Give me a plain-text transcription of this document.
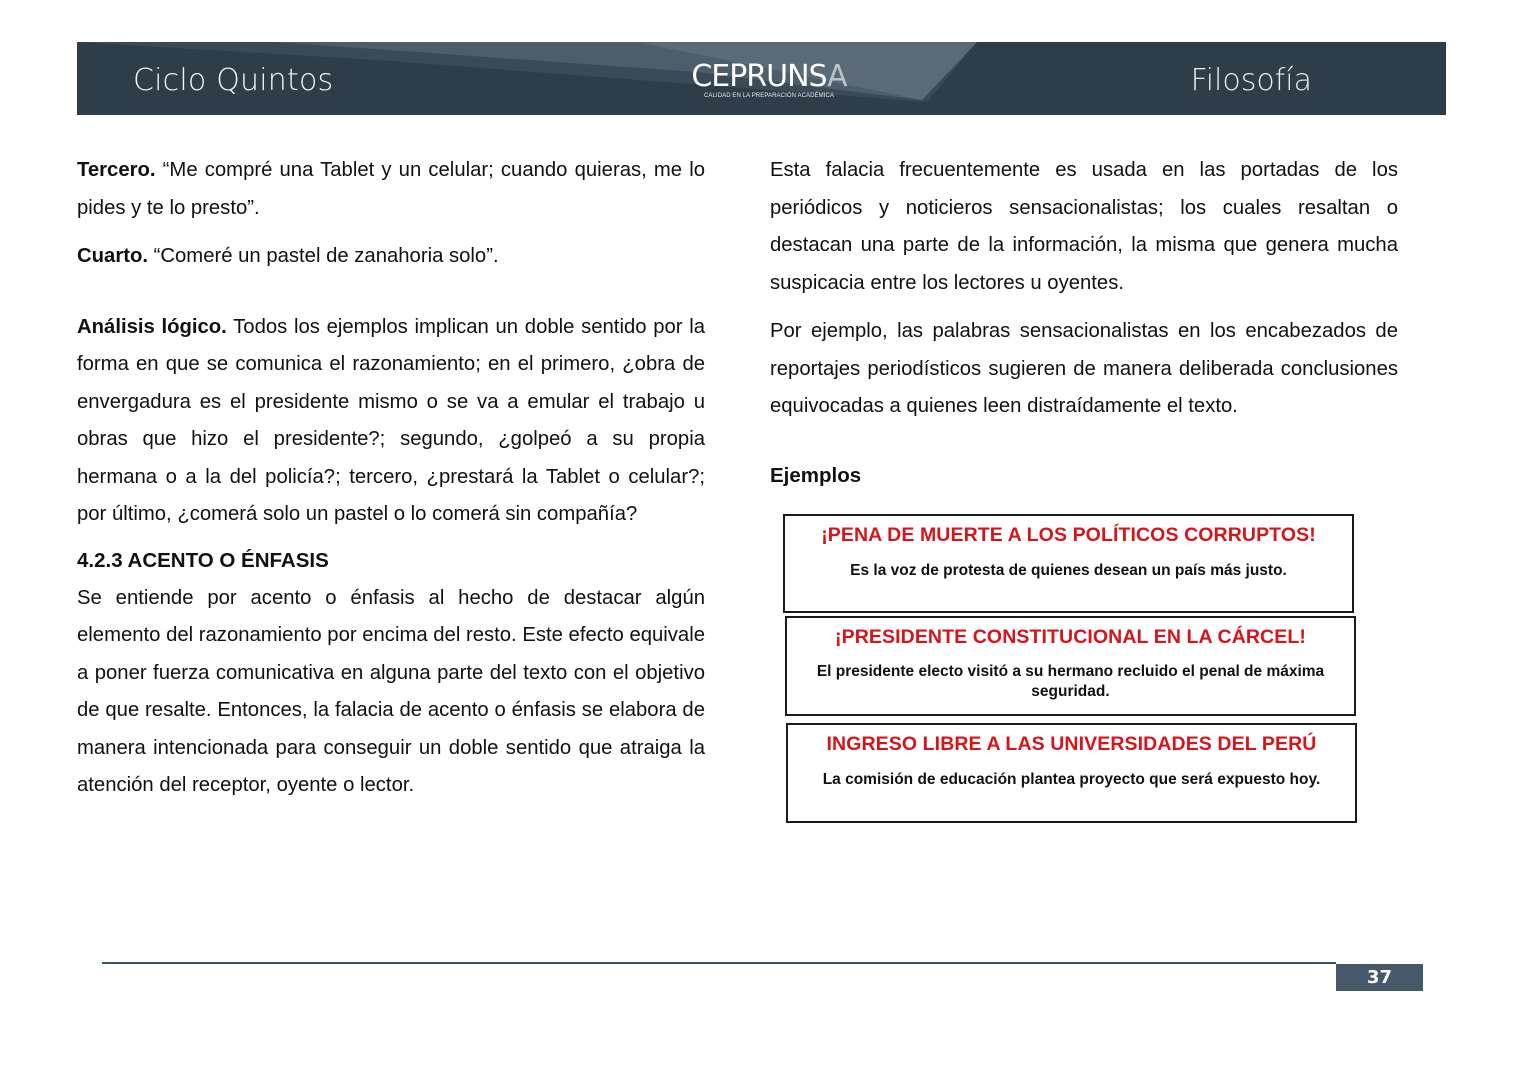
Ciclo Quintos	CEPRUNSA
CALIDAD EN LA PREPARACIÓN ACADÉMICA	Filosofía

Tercero. “Me compré una Tablet y un celular; cuando quieras, me lo pides y te lo presto”.

Cuarto. “Comeré un pastel de zanahoria solo”.

Análisis lógico. Todos los ejemplos implican un doble sentido por la forma en que se comunica el razonamiento; en el primero, ¿obra de envergadura es el presidente mismo o se va a emular el trabajo u obras que hizo el presidente?; segundo, ¿golpeó a su propia hermana o a la del policía?; tercero, ¿prestará la Tablet o celular?; por último, ¿comerá solo un pastel o lo comerá sin compañía?

4.2.3 ACENTO O ÉNFASIS

Se entiende por acento o énfasis al hecho de destacar algún elemento del razonamiento por encima del resto. Este efecto equivale a poner fuerza comunicativa en alguna parte del texto con el objetivo de que resalte. Entonces, la falacia de acento o énfasis se elabora de manera intencionada para conseguir un doble sentido que atraiga la atención del receptor, oyente o lector.

Esta falacia frecuentemente es usada en las portadas de los periódicos y noticieros sensacionalistas; los cuales resaltan o destacan una parte de la información, la misma que genera mucha suspicacia entre los lectores u oyentes.

Por ejemplo, las palabras sensacionalistas en los encabezados de reportajes periodísticos sugieren de manera deliberada conclusiones equivocadas a quienes leen distraídamente el texto.

Ejemplos
¡PENA DE MUERTE A LOS POLÍTICOS CORRUPTOS!
Es la voz de protesta de quienes desean un país más justo.
¡PRESIDENTE CONSTITUCIONAL EN LA CÁRCEL!
El presidente electo visitó a su hermano recluido el penal de máxima seguridad.
INGRESO LIBRE A LAS UNIVERSIDADES DEL PERÚ
La comisión de educación plantea proyecto que será expuesto hoy.
37
